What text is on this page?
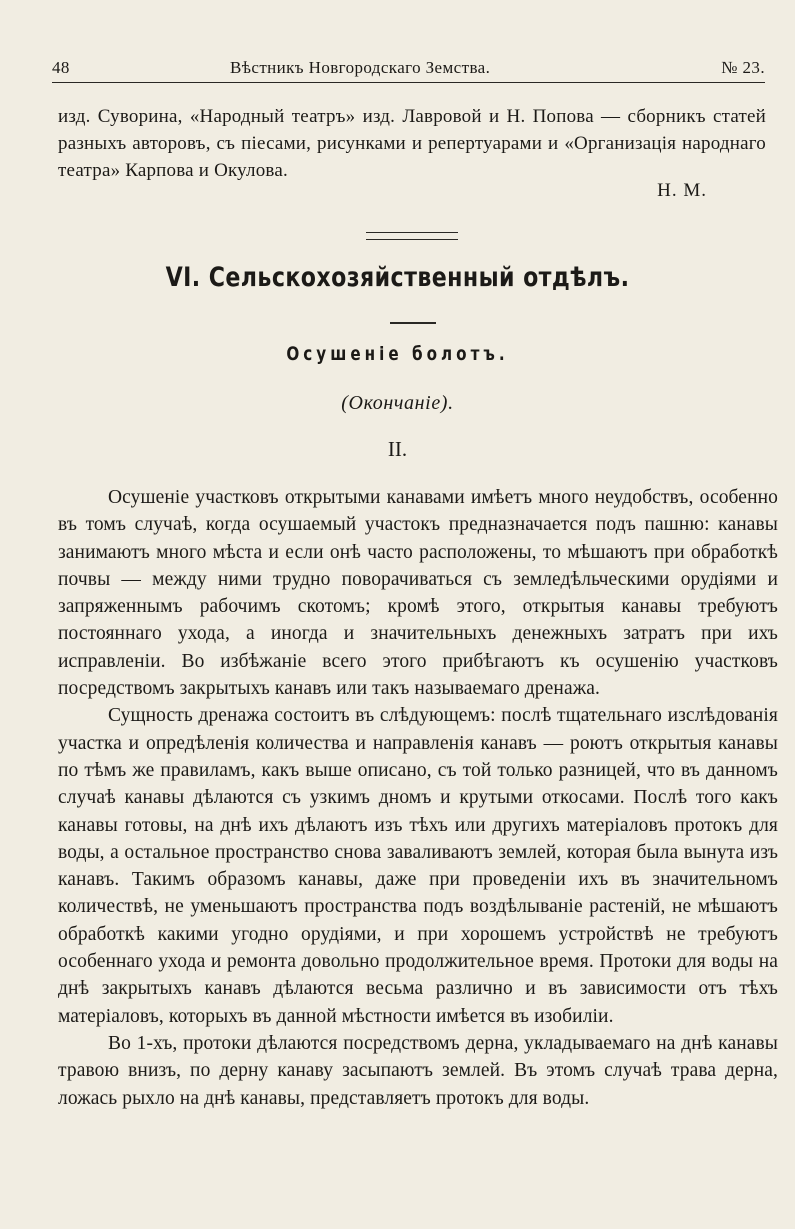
48	Вѣстникъ Новгородскаго Земства.	№ 23.

изд. Суворина, «Народный театръ» изд. Лавровой и Н. Попова — сборникъ статей разныхъ авторовъ, съ пiесами, рисунками и репертуарами и «Организацiя народнаго театра» Карпова и Окулова.

Н. М.
VI. Сельскохозяйственный отдѣлъ.
Осушенiе болотъ.
(Окончанiе).
II.

Осушенiе участковъ открытыми канавами имѣетъ много неудобствъ, особенно въ томъ случаѣ, когда осушаемый участокъ предназначается подъ пашню: канавы занимаютъ много мѣста и если онѣ часто расположены, то мѣшаютъ при обработкѣ почвы — между ними трудно поворачиваться съ земледѣльческими орудiями и запряженнымъ рабочимъ скотомъ; кромѣ этого, открытыя канавы требуютъ постояннаго ухода, а иногда и значительныхъ денежныхъ затратъ при ихъ исправленiи. Во избѣжанiе всего этого прибѣгаютъ къ осушенiю участковъ посредствомъ закрытыхъ канавъ или такъ называемаго дренажа.

Сущность дренажа состоитъ въ слѣдующемъ: послѣ тщательнаго изслѣдованiя участка и опредѣленiя количества и направленiя канавъ — роютъ открытыя канавы по тѣмъ же правиламъ, какъ выше описано, съ той только разницей, что въ данномъ случаѣ канавы дѣлаются съ узкимъ дномъ и крутыми откосами. Послѣ того какъ канавы готовы, на днѣ ихъ дѣлаютъ изъ тѣхъ или другихъ матерiаловъ протокъ для воды, а остальное пространство снова заваливаютъ землей, которая была вынута изъ канавъ. Такимъ образомъ канавы, даже при проведенiи ихъ въ значительномъ количествѣ, не уменьшаютъ пространства подъ воздѣлыванiе растенiй, не мѣшаютъ обработкѣ какими угодно орудiями, и при хорошемъ устройствѣ не требуютъ особеннаго ухода и ремонта довольно продолжительное время. Протоки для воды на днѣ закрытыхъ канавъ дѣлаются весьма различно и въ зависимости отъ тѣхъ матерiаловъ, которыхъ въ данной мѣстности имѣется въ изобилiи.

Во 1-хъ, протоки дѣлаются посредствомъ дерна, укладываемаго на днѣ канавы травою внизъ, по дерну канаву засыпаютъ землей. Въ этомъ случаѣ трава дерна, ложась рыхло на днѣ канавы, представляетъ протокъ для воды.
